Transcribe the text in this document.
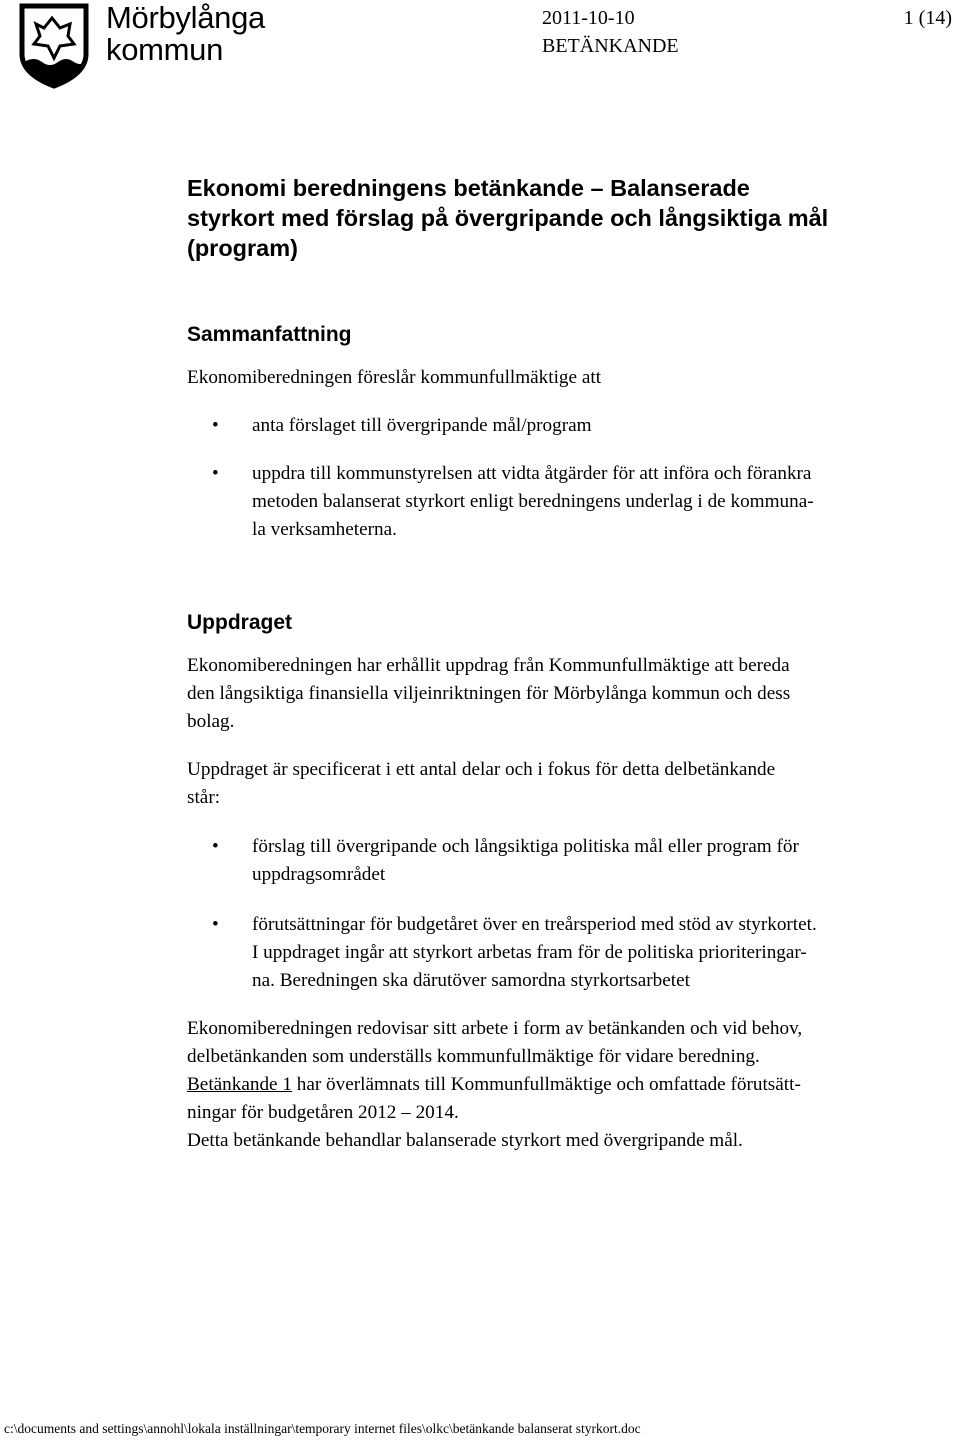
Mörbylånga
kommun
2011-10-10
BETÄNKANDE
1 (14)
Ekonomi beredningens betänkande – Balanserade
styrkort med förslag på övergripande och långsiktiga mål
(program)
Sammanfattning

Ekonomiberedningen föreslår kommunfullmäktige att

• anta förslaget till övergripande mål/program
• uppdra till kommunstyrelsen att vidta åtgärder för att införa och förankra
metoden balanserat styrkort enligt beredningens underlag i de kommuna-
la verksamheterna.
Uppdraget

Ekonomiberedningen har erhållit uppdrag från Kommunfullmäktige att bereda
den långsiktiga finansiella viljeinriktningen för Mörbylånga kommun och dess
bolag.

Uppdraget är specificerat i ett antal delar och i fokus för detta delbetänkande
står:

• förslag till övergripande och långsiktiga politiska mål eller program för
uppdragsområdet
• förutsättningar för budgetåret över en treårsperiod med stöd av styrkortet.
I uppdraget ingår att styrkort arbetas fram för de politiska prioriteringar-
na. Beredningen ska därutöver samordna styrkortsarbetet

Ekonomiberedningen redovisar sitt arbete i form av betänkanden och vid behov,
delbetänkanden som underställs kommunfullmäktige för vidare beredning.
Betänkande 1 har överlämnats till Kommunfullmäktige och omfattade förutsätt-
ningar för budgetåren 2012 – 2014.
Detta betänkande behandlar balanserade styrkort med övergripande mål.

c:\documents and settings\annohl\lokala inställningar\temporary internet files\olkc\betänkande balanserat styrkort.doc
